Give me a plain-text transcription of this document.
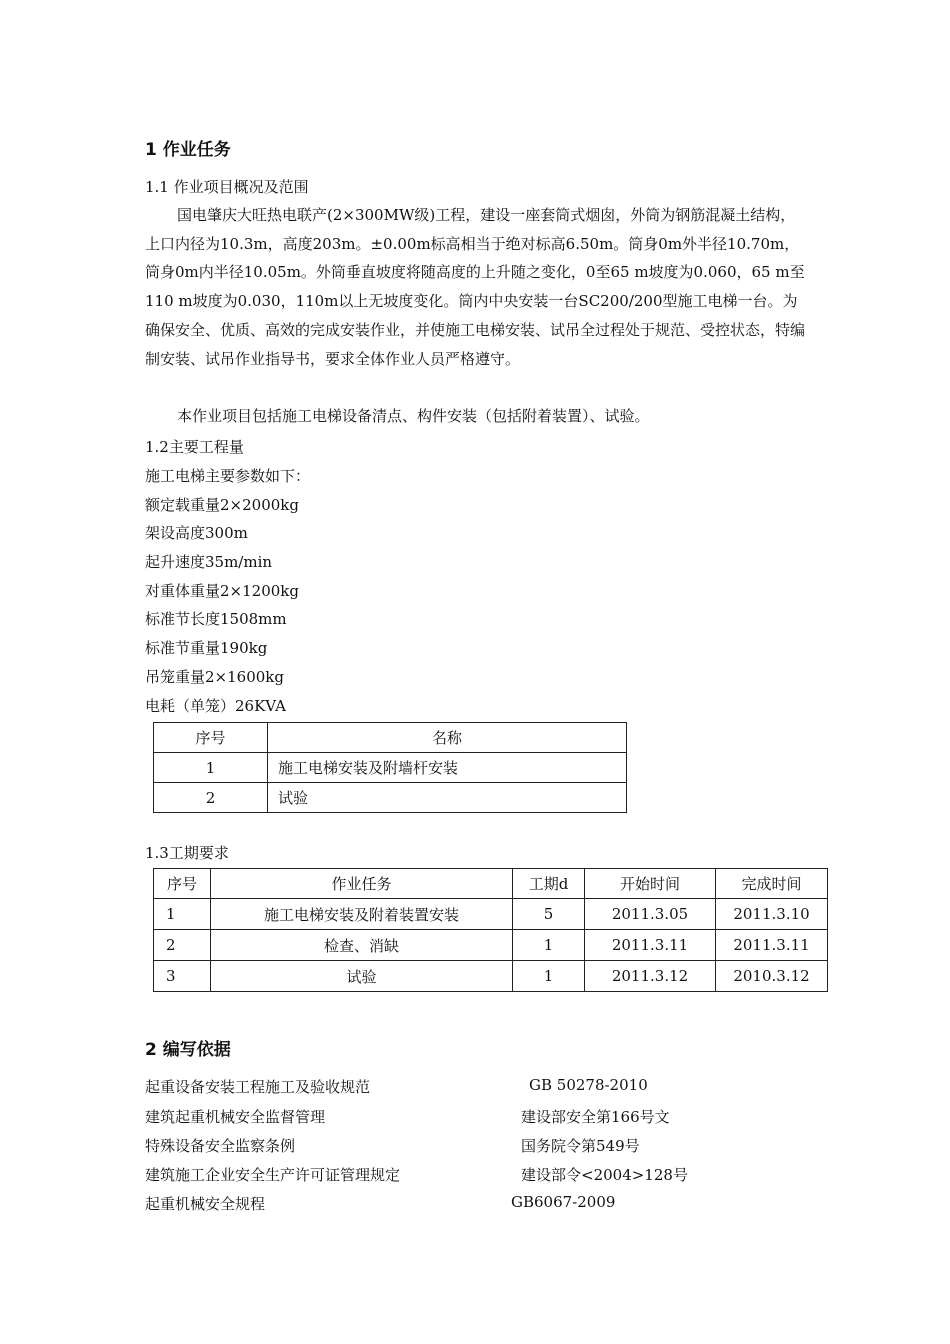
1 作业任务
1.1 作业项目概况及范围
国电肇庆大旺热电联产(2×300MW级)工程，建设一座套筒式烟囱，外筒为钢筋混凝土结构，上口内径为10.3m，高度203m。±0.00m标高相当于绝对标高6.50m。筒身0m外半径10.70m，筒身0m内半径10.05m。外筒垂直坡度将随高度的上升随之变化，0至65 m坡度为0.060，65 m至110 m坡度为0.030，110m以上无坡度变化。筒内中央安装一台SC200/200型施工电梯一台。为确保安全、优质、高效的完成安装作业，并使施工电梯安装、试吊全过程处于规范、受控状态，特编制安装、试吊作业指导书，要求全体作业人员严格遵守。
本作业项目包括施工电梯设备清点、构件安装（包括附着装置）、试验。
1.2主要工程量
施工电梯主要参数如下：
额定载重量2×2000kg
架设高度300m
起升速度35m/min
对重体重量2×1200kg
标准节长度1508mm
标准节重量190kg
吊笼重量2×1600kg
电耗（单笼）26KVA
序号	名称
1	施工电梯安装及附墙杆安装
2	试验
1.3工期要求
序号	作业任务	工期d	开始时间	完成时间
1	施工电梯安装及附着装置安装	5	2011.3.05	2011.3.10
2	检查、消缺	1	2011.3.11	2011.3.11
3	试验	1	2011.3.12	2010.3.12
2 编写依据
起重设备安装工程施工及验收规范	GB 50278-2010
建筑起重机械安全监督管理	建设部安全第166号文
特殊设备安全监察条例	国务院令第549号
建筑施工企业安全生产许可证管理规定	建设部令<2004>128号
起重机械安全规程	GB6067-2009
